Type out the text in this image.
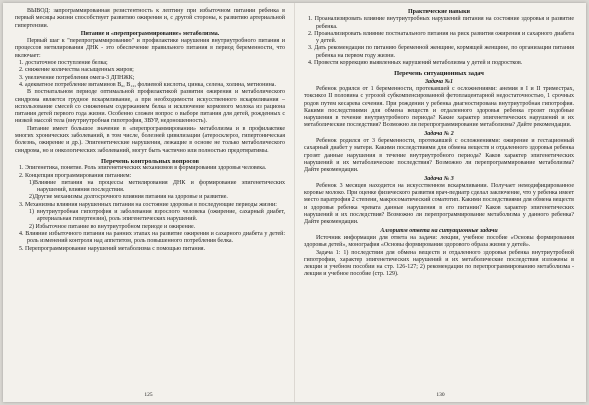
ВЫВОД: запрограммированная резистентность к лептину при избыточном питании ребенка в первый месяцы жизни способствует развитию ожирения и, с другой стороны, к развитию артериальной гипертензии.

Питание и «перепрограммирование» метаболизма.

Первый шаг к "перепрограммированию" и профилактике нарушения внутриутробного питания и процессов метилирования ДНК - это обеспечение правильного питания в период беременности, что включает:

1. достаточное поступление белка;

2. снижение количества насыщенных жиров;

3. увеличение потребления омега-3 ДПНЖК;

4. адекватное потребление витаминов B₆, B₁₂, фолиевой кислоты, цинка, селена, холина, метионина.

В постнатальном периоде оптимальной профилактикой развития ожирения и метаболического синдрома является грудное вскармливание, а при необходимости искусственного вскармливания – использование смесей со сниженным содержанием белка и исключение кормового молока из рациона питания детей первого года жизни. Особенно сложен вопрос о выборе питания для детей, рожденных с низкой массой тела (внутриутробная гипотрофия, ЗВУР, недоношенность).

Питание имеет большое значение в «перепрограммировании» метаболизма и в профилактике многих хронических заболеваний, в том числе, болезней цивилизации (атеросклероз, гипертоническая болезнь, ожирение и др.). Эпигенетические нарушения, лежащие в основе не только метаболического синдрома, но и онкологических заболеваний, могут быть частично или полностью предотвратимы.

Перечень контрольных вопросов

1. Эпигенетика, понятие. Роль эпигенетических механизмов в формировании здоровья человека.

2. Концепция программирования питанием:

1)Влияние питания на процессы метилирования ДНК и формирование эпигенетических нарушений, влияния последствия.

2)Другие механизмы долгосрочного влияния питания на здоровье и развитие.

3. Механизмы влияния нарушенных питания на состояние здоровья в последующие периоды жизни:

1) внутриутробная гипотрофия и заболевания взрослого человека (ожирение, сахарный диабет, артериальная гипертензия), роль эпигенетических нарушений.

2) Избыточное питание во внутриутробном периоде и ожирение.

4. Влияние избыточного питания на ранних этапах на развитие ожирения и сахарного диабета у детей: роль изменений контроля над аппетитом, роль повышенного потребления белка.

5. Перепрограммирование нарушений метаболизма с помощью питания.

125

Практические навыки

1. Проанализировать влияние внутриутробных нарушений питания на состояние здоровья и развитие ребенка.

2. Проанализировать влияние постнатального питания на риск развития ожирения и сахарного диабета у детей.

3. Дать рекомендации по питанию беременной женщине, кормящей женщине, по организации питания ребенка на первом году жизни.

4. Провести коррекцию выявленных нарушений метаболизма у детей и подростков.

Перечень ситуационных задач

Задача №1

Ребенок родился от 1 беременности, протекавшей с осложнениями: анемия в I и II триместрах, токсикоз II половина с угрозой субкомпенсированной фетоплацентарной недостаточностью, 1 срочных родов путем кесарева сечения. При рождении у ребенка диагностирована внутриутробная гипотрофия. Какими последствиями для обмена веществ и отдаленного здоровья ребенка грозят подобные нарушения в течение внутриутробного периода? Какие характер эпигенетических нарушений и их метаболические последствия? Возможно ли перепрограммирование метаболизма? Дайте рекомендации.

Задача № 2

Ребенок родился от 3 беременности, протекавшей с осложнениями: ожирение и гестационный сахарный диабет у матери. Какими последствиями для обмена веществ и отдаленного здоровья ребенка грозят данные нарушения в течение внутриутробного периода? Каков характер эпигенетических нарушений и их метаболические последствия? Возможно ли перепрограммирование метаболизма? Дайте рекомендации.

Задача № 3

Ребенок 3 месяцев находится на искусственном вскармливании. Получает немодифицированное коровье молоко. При оценке физического развития врач-педиатр сделал заключение, что у ребенка имеет место паратрофия 2 степени, макросоматический соматотип. Какими последствиями для обмена веществ и здоровья ребенка чревата данные нарушения в его питании? Каков характер эпигенетических нарушений и их последствия? Возможно ли перепрограммирование метаболизма у данного ребенка? Дайте рекомендации.

Алгоритм ответа на ситуационные задачи

Источник информации для ответа на задачи: лекции, учебное пособие «Основы формирования здоровья детей», монография «Основы формирования здорового образа жизни у детей».

Задача 1: 1) последствия для обмена веществ и отдаленного здоровья ребенка внутриутробной гипотрофии, характер эпигенетических нарушений и их метаболические последствия изложены в лекции и учебном пособии на стр. 126-127; 2) рекомендации по перепрограммированию метаболизма - лекция и учебное пособие (стр. 129).

130
